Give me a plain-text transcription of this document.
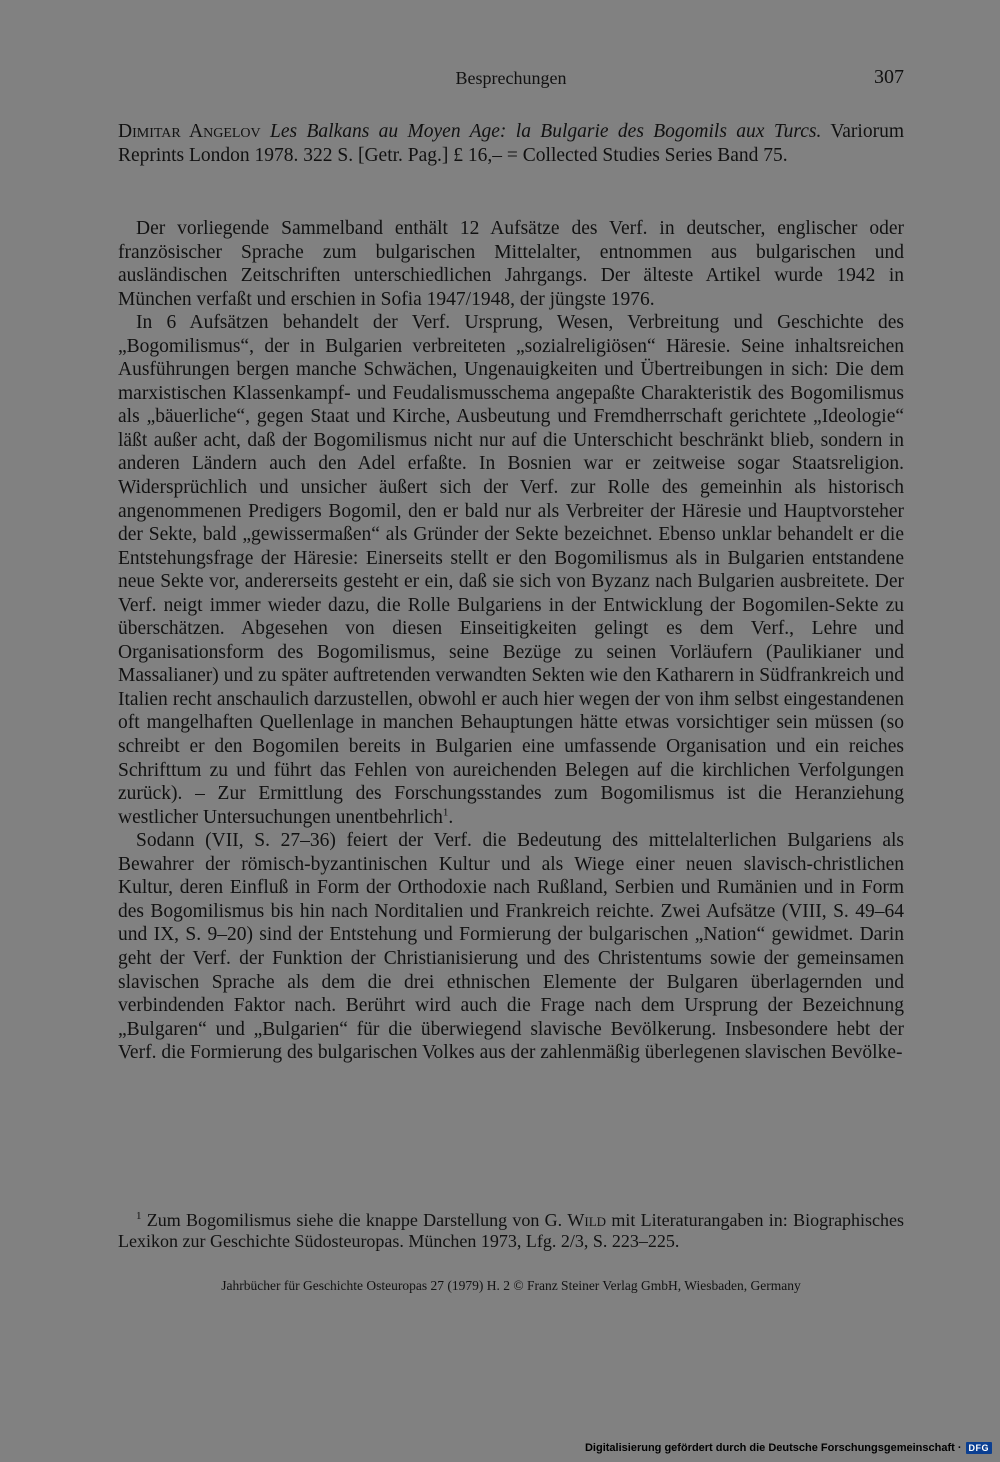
Besprechungen	307
Dimitar Angelov Les Balkans au Moyen Age: la Bulgarie des Bogomils aux Turcs. Variorum Reprints London 1978. 322 S. [Getr. Pag.] £ 16,– = Collected Studies Series Band 75.

Der vorliegende Sammelband enthält 12 Aufsätze des Verf. in deutscher, englischer oder französischer Sprache zum bulgarischen Mittelalter, entnommen aus bulgarischen und ausländischen Zeitschriften unterschiedlichen Jahrgangs. Der älteste Artikel wurde 1942 in München verfaßt und erschien in Sofia 1947/1948, der jüngste 1976.

In 6 Aufsätzen behandelt der Verf. Ursprung, Wesen, Verbreitung und Geschichte des „Bogomilismus“, der in Bulgarien verbreiteten „sozialreligiösen“ Häresie. Seine inhaltsreichen Ausführungen bergen manche Schwächen, Ungenauigkeiten und Übertreibungen in sich: Die dem marxistischen Klassenkampf- und Feudalismusschema angepaßte Charakteristik des Bogomilismus als „bäuerliche“, gegen Staat und Kirche, Ausbeutung und Fremdherrschaft gerichtete „Ideologie“ läßt außer acht, daß der Bogomilismus nicht nur auf die Unterschicht beschränkt blieb, sondern in anderen Ländern auch den Adel erfaßte. In Bosnien war er zeitweise sogar Staatsreligion. Widersprüchlich und unsicher äußert sich der Verf. zur Rolle des gemeinhin als historisch angenommenen Predigers Bogomil, den er bald nur als Verbreiter der Häresie und Hauptvorsteher der Sekte, bald „gewissermaßen“ als Gründer der Sekte bezeichnet. Ebenso unklar behandelt er die Entstehungsfrage der Häresie: Einerseits stellt er den Bogomilismus als in Bulgarien entstandene neue Sekte vor, andererseits gesteht er ein, daß sie sich von Byzanz nach Bulgarien ausbreitete. Der Verf. neigt immer wieder dazu, die Rolle Bulgariens in der Entwicklung der Bogomilen-Sekte zu überschätzen. Abgesehen von diesen Einseitigkeiten gelingt es dem Verf., Lehre und Organisationsform des Bogomilismus, seine Bezüge zu seinen Vorläufern (Paulikianer und Massalianer) und zu später auftretenden verwandten Sekten wie den Katharern in Südfrankreich und Italien recht anschaulich darzustellen, obwohl er auch hier wegen der von ihm selbst eingestandenen oft mangelhaften Quellenlage in manchen Behauptungen hätte etwas vorsichtiger sein müssen (so schreibt er den Bogomilen bereits in Bulgarien eine umfassende Organisation und ein reiches Schrifttum zu und führt das Fehlen von aureichenden Belegen auf die kirchlichen Verfolgungen zurück). – Zur Ermittlung des Forschungsstandes zum Bogomilismus ist die Heranziehung westlicher Untersuchungen unentbehrlich$^1$.

Sodann (VII, S. 27–36) feiert der Verf. die Bedeutung des mittelalterlichen Bulgariens als Bewahrer der römisch-byzantinischen Kultur und als Wiege einer neuen slavisch-christlichen Kultur, deren Einfluß in Form der Orthodoxie nach Rußland, Serbien und Rumänien und in Form des Bogomilismus bis hin nach Norditalien und Frankreich reichte. Zwei Aufsätze (VIII, S. 49–64 und IX, S. 9–20) sind der Entstehung und Formierung der bulgarischen „Nation“ gewidmet. Darin geht der Verf. der Funktion der Christianisierung und des Christentums sowie der gemeinsamen slavischen Sprache als dem die drei ethnischen Elemente der Bulgaren überlagernden und verbindenden Faktor nach. Berührt wird auch die Frage nach dem Ursprung der Bezeichnung „Bulgaren“ und „Bulgarien“ für die überwiegend slavische Bevölkerung. Insbesondere hebt der Verf. die Formierung des bulgarischen Volkes aus der zahlenmäßig überlegenen slavischen Bevölke-

$^1$ Zum Bogomilismus siehe die knappe Darstellung von G. Wild mit Literaturangaben in: Biographisches Lexikon zur Geschichte Südosteuropas. München 1973, Lfg. 2/3, S. 223–225.

Jahrbücher für Geschichte Osteuropas 27 (1979) H. 2 © Franz Steiner Verlag GmbH, Wiesbaden, Germany
Digitalisierung gefördert durch die Deutsche Forschungsgemeinschaft · DFG
